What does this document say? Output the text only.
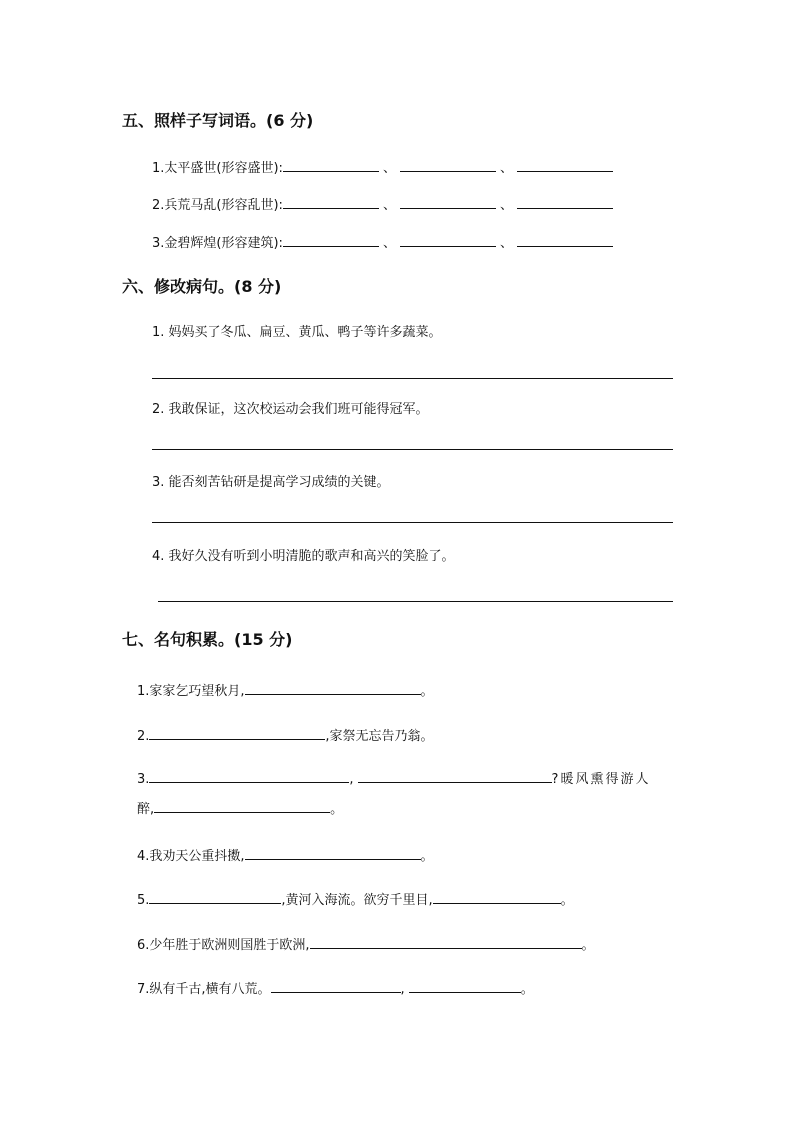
五、照样子写词语。(6 分)
1.太平盛世(形容盛世):	、	、
2.兵荒马乱(形容乱世):	、	、
3.金碧辉煌(形容建筑):	、	、
六、修改病句。(8 分)
1. 妈妈买了冬瓜、扁豆、黄瓜、鸭子等许多蔬菜。
2. 我敢保证，这次校运动会我们班可能得冠军。
3. 能否刻苦钻研是提高学习成绩的关键。
4. 我好久没有听到小明清脆的歌声和高兴的笑脸了。
七、名句积累。(15 分)
1.家家乞巧望秋月,	。
2.	,家祭无忘告乃翁。
3.	,	?暖风熏得游人
醉,	。
4.我劝天公重抖擞,	。
5.	,黄河入海流。欲穷千里目,	。
6.少年胜于欧洲则国胜于欧洲,	。
7.纵有千古,横有八荒。	,	。
